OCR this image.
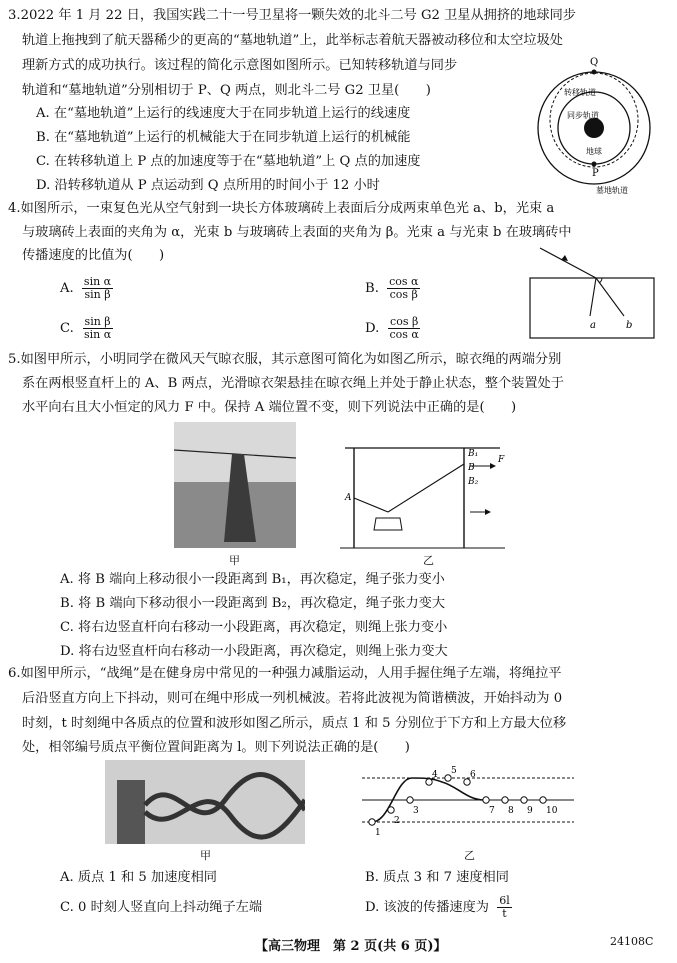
3.2022 年 1 月 22 日，我国实践二十一号卫星将一颗失效的北斗二号 G2 卫星从拥挤的地球同步
轨道上拖拽到了航天器稀少的更高的“墓地轨道”上，此举标志着航天器被动移位和太空垃圾处
理新方式的成功执行。该过程的简化示意图如图所示。已知转移轨道与同步
轨道和“墓地轨道”分别相切于 P、Q 两点，则北斗二号 G2 卫星(　　)
A. 在“墓地轨道”上运行的线速度大于在同步轨道上运行的线速度
B. 在“墓地轨道”上运行的机械能大于在同步轨道上运行的机械能
C. 在转移轨道上 P 点的加速度等于在“墓地轨道”上 Q 点的加速度
D. 沿转移轨道从 P 点运动到 Q 点所用的时间小于 12 小时
Q
P
转移轨道
同步轨道
地球
墓地轨道
4.如图所示，一束复色光从空气射到一块长方体玻璃砖上表面后分成两束单色光 a、b，光束 a
与玻璃砖上表面的夹角为 α，光束 b 与玻璃砖上表面的夹角为 β。光束 a 与光束 b 在玻璃砖中
传播速度的比值为(　　)
A. $\frac{\text{sin α}}{\text{sin β}}$	B. $\frac{\text{cos α}}{\text{cos β}}$
C. $\frac{\text{sin β}}{\text{sin α}}$	D. $\frac{\text{cos β}}{\text{cos α}}$	a	b
5.如图甲所示，小明同学在微风天气晾衣服，其示意图可简化为如图乙所示，晾衣绳的两端分别
系在两根竖直杆上的 A、B 两点，光滑晾衣架悬挂在晾衣绳上并处于静止状态，整个装置处于
水平向右且大小恒定的风力 F 中。保持 A 端位置不变，则下列说法中正确的是(　　)
甲
A
B₁
B
B₂
F
乙
A. 将 B 端向上移动很小一段距离到 B₁，再次稳定，绳子张力变小
B. 将 B 端向下移动很小一段距离到 B₂，再次稳定，绳子张力变大
C. 将右边竖直杆向右移动一小段距离，再次稳定，则绳上张力变小
D. 将右边竖直杆向右移动一小段距离，再次稳定，则绳上张力变大
6.如图甲所示，“战绳”是在健身房中常见的一种强力减脂运动，人用手握住绳子左端，将绳拉平
后沿竖直方向上下抖动，则可在绳中形成一列机械波。若将此波视为简谐横波，开始抖动为 0
时刻，t 时刻绳中各质点的位置和波形如图乙所示，质点 1 和 5 分别位于下方和上方最大位移
处，相邻编号质点平衡位置间距离为 l。则下列说法正确的是(　　)
甲
1
2
3
4 5 6
7 8 9 10
乙
A. 质点 1 和 5 加速度相同	B. 质点 3 和 7 速度相同
C. 0 时刻人竖直向上抖动绳子左端	D. 该波的传播速度为 $\frac{6l}{t}$
【高三物理　第 2 页(共 6 页)】	24108C
